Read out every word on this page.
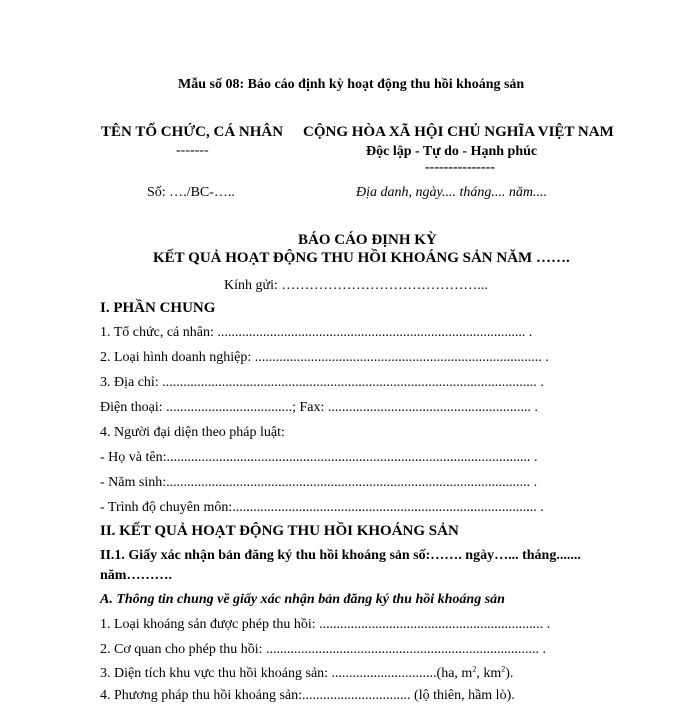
Mẫu số 08: Báo cáo định kỳ hoạt động thu hồi khoáng sản
TÊN TỔ CHỨC, CÁ NHÂN
-------
Số: …./BC-…..
CỘNG HÒA XÃ HỘI CHỦ NGHĨA VIỆT NAM
Độc lập - Tự do - Hạnh phúc
---------------
Địa danh, ngày.... tháng.... năm....
BÁO CÁO ĐỊNH KỲ
KẾT QUẢ HOẠT ĐỘNG THU HỒI KHOÁNG SẢN NĂM …….
Kính gửi: ……………………………………...
I. PHẦN CHUNG
1. Tổ chức, cá nhân: ........................................................................................ .
2. Loại hình doanh nghiệp: .................................................................................. .
3. Địa chỉ: ........................................................................................................... .
Điện thoại: ....................................; Fax: .......................................................... .
4. Người đại diện theo pháp luật:
- Họ và tên:........................................................................................................ .
- Năm sinh:........................................................................................................ .
- Trình độ chuyên môn:....................................................................................... .
II. KẾT QUẢ HOẠT ĐỘNG THU HỒI KHOÁNG SẢN
II.1. Giấy xác nhận bản đăng ký thu hồi khoáng sản số:……. ngày…... tháng.......
năm……….
A. Thông tin chung về giấy xác nhận bản đăng ký thu hồi khoáng sản
1. Loại khoáng sản được phép thu hồi: ................................................................ .
2. Cơ quan cho phép thu hồi: .............................................................................. .
3. Diện tích khu vực thu hồi khoáng sản: ..............................(ha, $m^2$, $km^2$).
4. Phương pháp thu hồi khoáng sản:............................... (lộ thiên, hầm lò).
